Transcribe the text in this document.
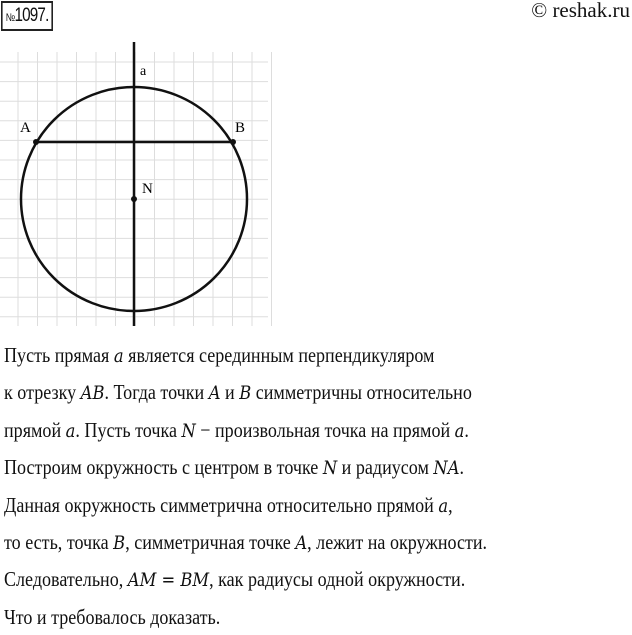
№1097.	© reshak.ru
a
A	B
N
Пусть прямая a является серединным перпендикуляром
к отрезку AB. Тогда точки A и B симметричны относительно
прямой a. Пусть точка N − произвольная точка на прямой a.
Построим окружность с центром в точке N и радиусом NA.
Данная окружность симметрична относительно прямой a,
то есть, точка B, симметричная точке A, лежит на окружности.
Следовательно, AM = BM, как радиусы одной окружности.
Что и требовалось доказать.
